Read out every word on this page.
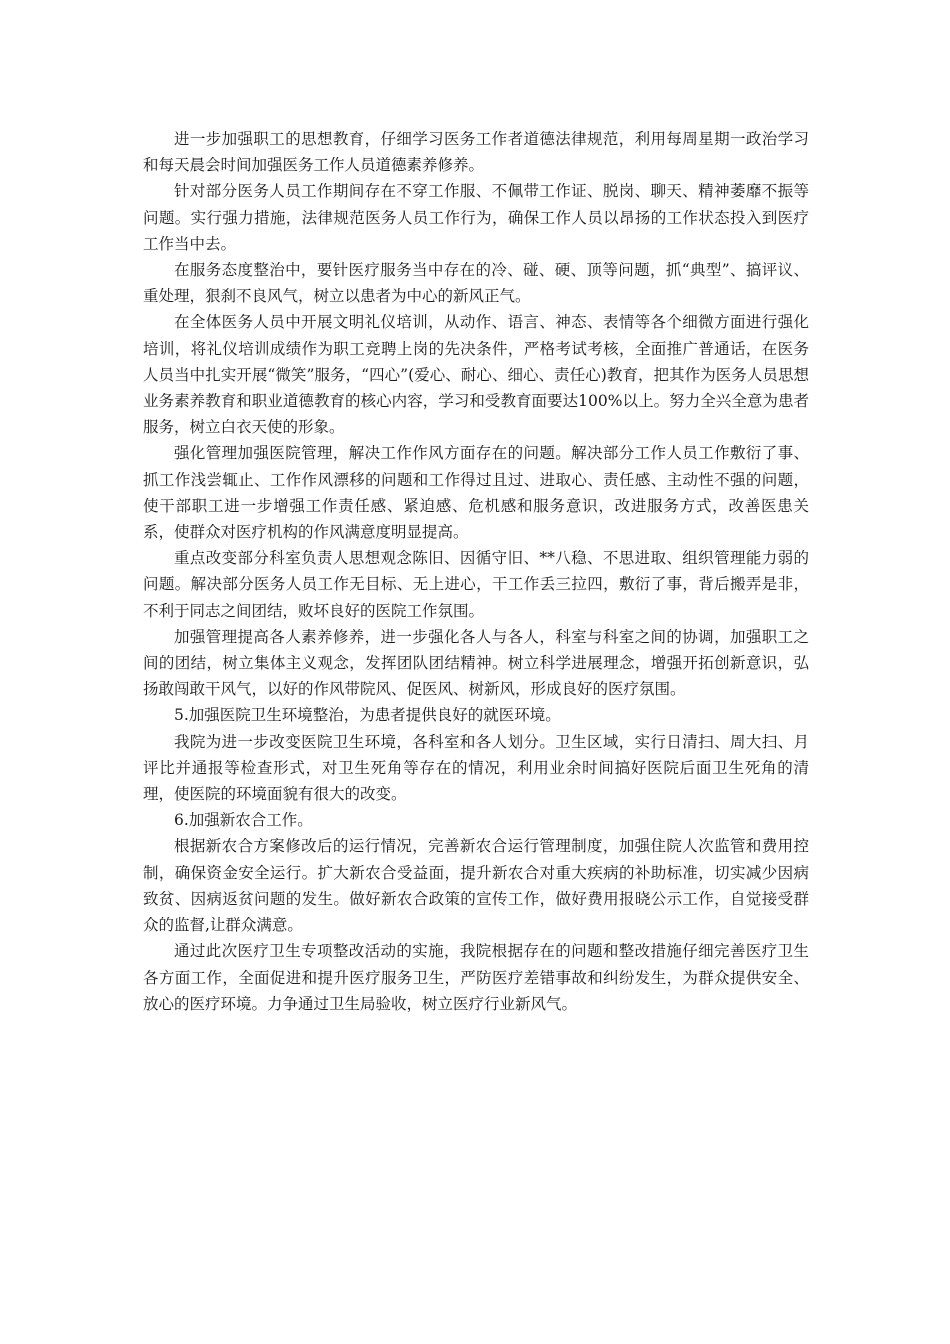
进一步加强职工的思想教育，仔细学习医务工作者道德法律规范，利用每周星期一政治学习和每天晨会时间加强医务工作人员道德素养修养。

针对部分医务人员工作期间存在不穿工作服、不佩带工作证、脱岗、聊天、精神萎靡不振等问题。实行强力措施，法律规范医务人员工作行为，确保工作人员以昂扬的工作状态投入到医疗工作当中去。

在服务态度整治中，要针医疗服务当中存在的冷、碰、硬、顶等问题，抓“典型”、搞评议、重处理，狠刹不良风气，树立以患者为中心的新风正气。

在全体医务人员中开展文明礼仪培训，从动作、语言、神态、表情等各个细微方面进行强化培训，将礼仪培训成绩作为职工竞聘上岗的先决条件，严格考试考核，全面推广普通话，在医务人员当中扎实开展“微笑”服务，“四心”(爱心、耐心、细心、责任心)教育，把其作为医务人员思想业务素养教育和职业道德教育的核心内容，学习和受教育面要达100%以上。努力全兴全意为患者服务，树立白衣天使的形象。

强化管理加强医院管理，解决工作作风方面存在的问题。解决部分工作人员工作敷衍了事、抓工作浅尝辄止、工作作风漂移的问题和工作得过且过、进取心、责任感、主动性不强的问题，使干部职工进一步增强工作责任感、紧迫感、危机感和服务意识，改进服务方式，改善医患关系，使群众对医疗机构的作风满意度明显提高。

重点改变部分科室负责人思想观念陈旧、因循守旧、**八稳、不思进取、组织管理能力弱的问题。解决部分医务人员工作无目标、无上进心，干工作丢三拉四，敷衍了事，背后搬弄是非，不利于同志之间团结，败坏良好的医院工作氛围。

加强管理提高各人素养修养，进一步强化各人与各人，科室与科室之间的协调，加强职工之间的团结，树立集体主义观念，发挥团队团结精神。树立科学进展理念，增强开拓创新意识，弘扬敢闯敢干风气，以好的作风带院风、促医风、树新风，形成良好的医疗氛围。

5.加强医院卫生环境整治，为患者提供良好的就医环境。

我院为进一步改变医院卫生环境，各科室和各人划分。卫生区域，实行日清扫、周大扫、月评比并通报等检查形式，对卫生死角等存在的情况，利用业余时间搞好医院后面卫生死角的清理，使医院的环境面貌有很大的改变。

6.加强新农合工作。

根据新农合方案修改后的运行情况，完善新农合运行管理制度，加强住院人次监管和费用控制，确保资金安全运行。扩大新农合受益面，提升新农合对重大疾病的补助标准，切实减少因病致贫、因病返贫问题的发生。做好新农合政策的宣传工作，做好费用报晓公示工作，自觉接受群众的监督,让群众满意。

通过此次医疗卫生专项整改活动的实施，我院根据存在的问题和整改措施仔细完善医疗卫生各方面工作，全面促进和提升医疗服务卫生，严防医疗差错事故和纠纷发生，为群众提供安全、放心的医疗环境。力争通过卫生局验收，树立医疗行业新风气。
